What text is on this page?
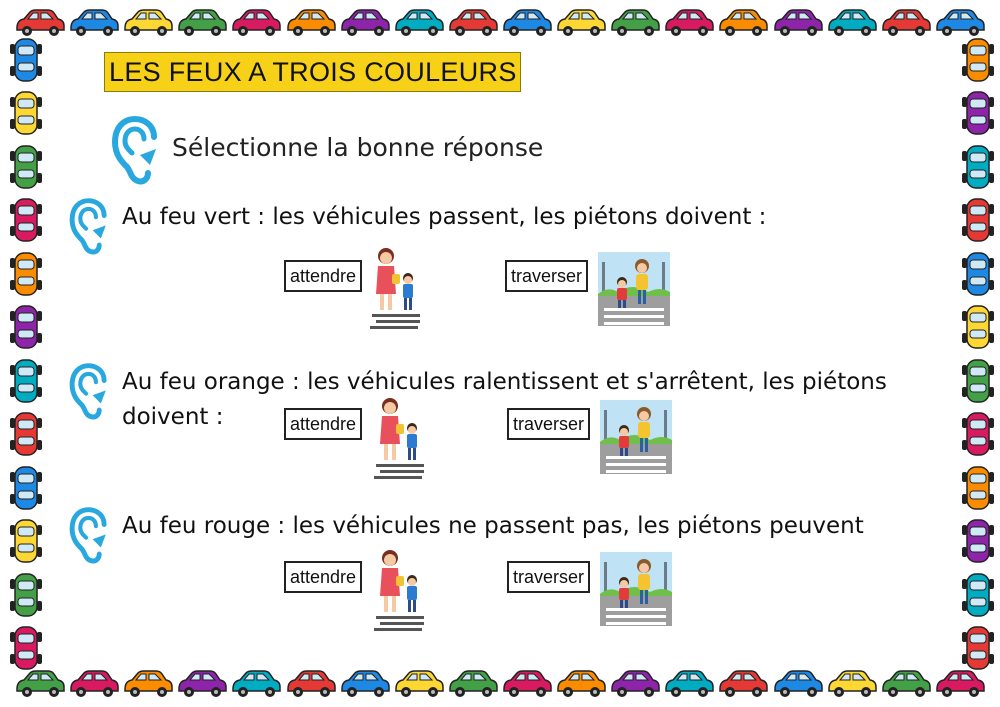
LES FEUX A TROIS COULEURS
Sélectionne la bonne réponse
Au feu vert : les véhicules passent, les piétons doivent :
attendre	traverser
Au feu orange : les véhicules ralentissent et s'arrêtent, les piétons doivent :	attendre	traverser
Au feu rouge : les véhicules ne passent pas, les piétons peuvent
attendre	traverser
